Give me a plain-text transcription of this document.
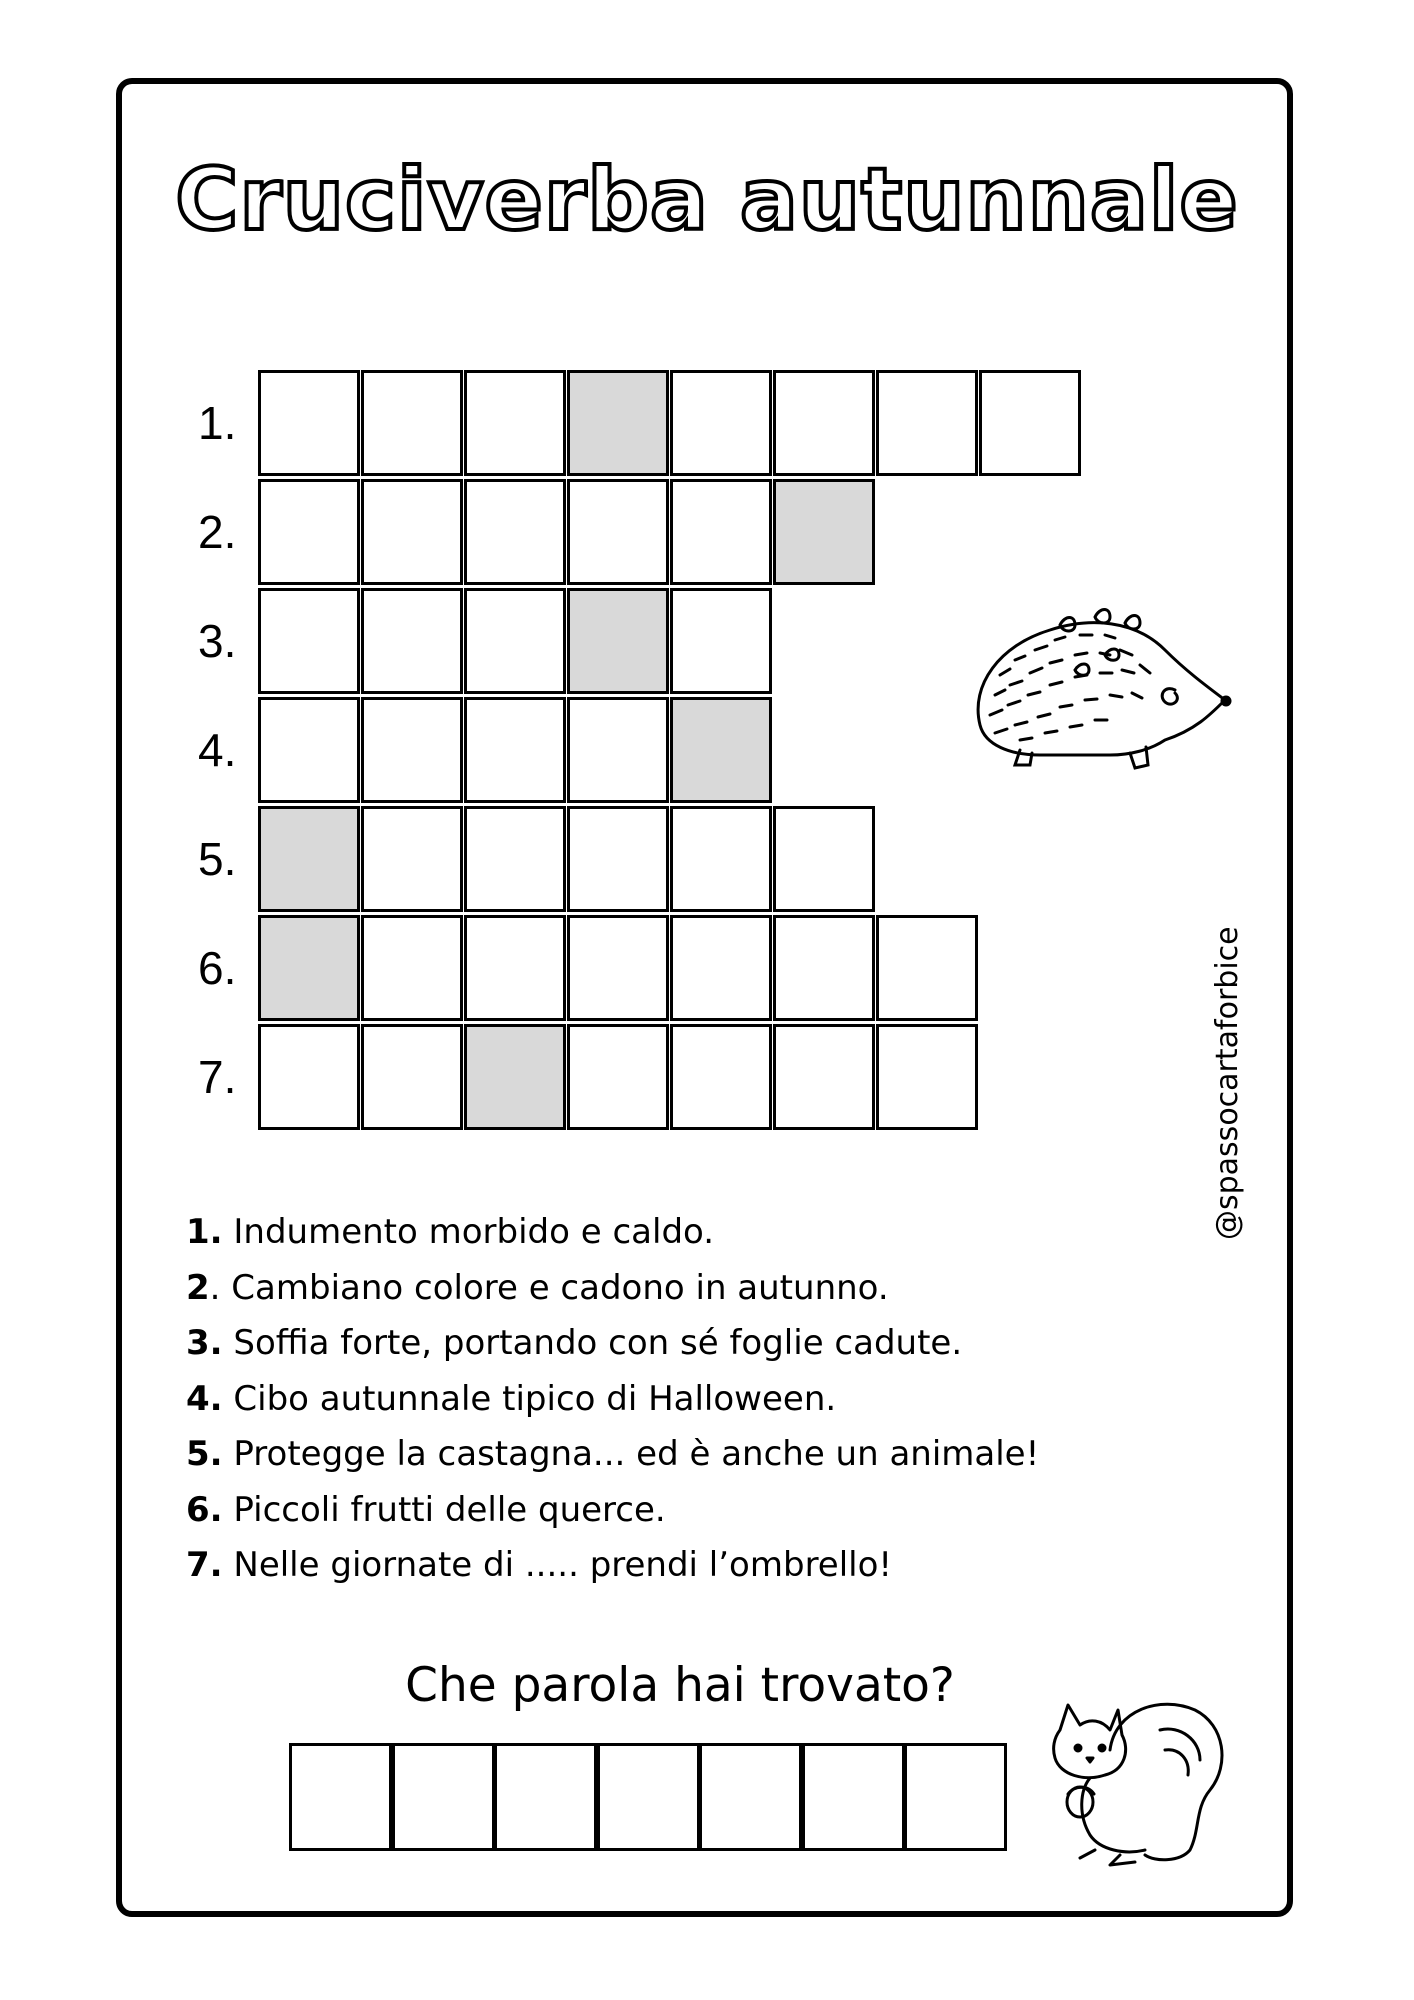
Cruciverba autunnale
1.
2.
3.
4.
5.
6.
7.
1. Indumento morbido e caldo.
2. Cambiano colore e cadono in autunno.
3. Soffia forte, portando con sé foglie cadute.
4. Cibo autunnale tipico di Halloween.
5. Protegge la castagna... ed è anche un animale!
6. Piccoli frutti delle querce.
7. Nelle giornate di ..... prendi l’ombrello!
@spassocartaforbice
Che parola hai trovato?
